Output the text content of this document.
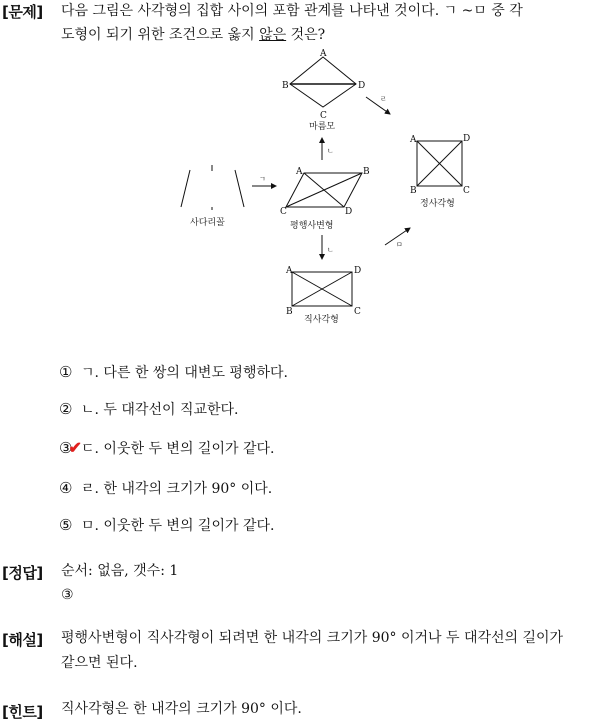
[문제] 다음 그림은 사각형의 집합 사이의 포함 관계를 나타낸 것이다. ㄱ ~ㅁ 중 각
도형이 되기 위한 조건으로 옳지 않은 것은?
A
B	D
C
마름모
사다리꼴
A	B
C	D
평행사변형
A	D
B	C
정사각형
A	D
B	C
직사각형
ㄱ
ㄴ
ㄴ
ㄹ
ㅁ
① ㄱ. 다른 한 쌍의 대변도 평행하다.
② ㄴ. 두 대각선이 직교한다.
③✔ㄷ. 이웃한 두 변의 길이가 같다.
④ ㄹ. 한 내각의 크기가 90° 이다.
⑤ ㅁ. 이웃한 두 변의 길이가 같다.
[정답] 순서: 없음, 갯수: 1
③
[해설] 평행사변형이 직사각형이 되려면 한 내각의 크기가 90° 이거나 두 대각선의 길이가
같으면 된다.
[힌트] 직사각형은 한 내각의 크기가 90° 이다.
